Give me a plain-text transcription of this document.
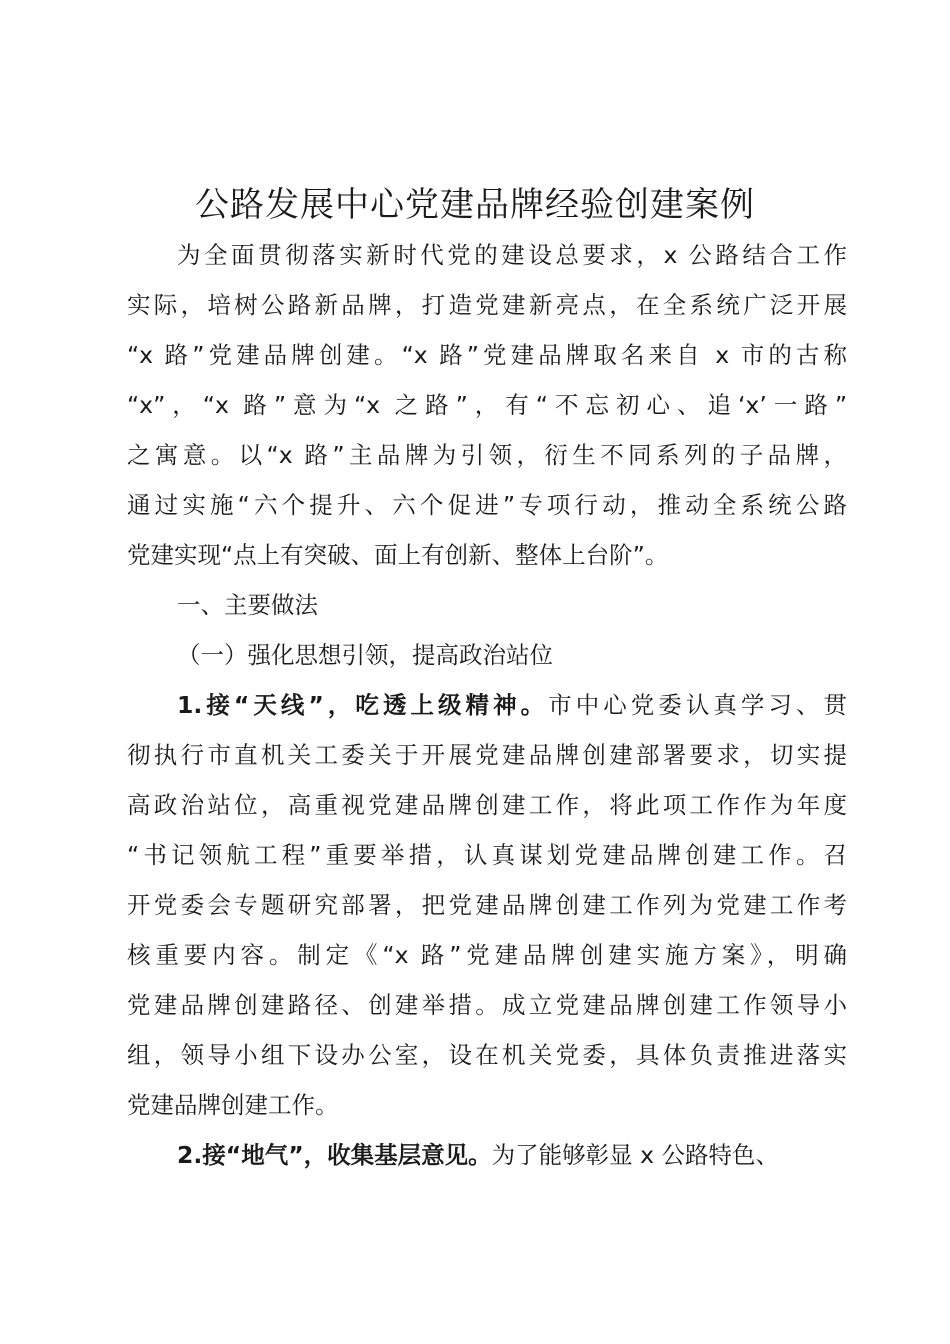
公路发展中心党建品牌经验创建案例
为全面贯彻落实新时代党的建设总要求，x 公路结合工作
实际，培树公路新品牌，打造党建新亮点，在全系统广泛开展
“x 路”党建品牌创建。“x 路”党建品牌取名来自 x 市的古称
“x”，“x 路”意为“x 之路”，有“不忘初心、追‘x’一路”
之寓意。以“x 路”主品牌为引领，衍生不同系列的子品牌，
通过实施“六个提升、六个促进”专项行动，推动全系统公路
党建实现“点上有突破、面上有创新、整体上台阶”。
一、主要做法
（一）强化思想引领，提高政治站位
1.接“天线”，吃透上级精神。市中心党委认真学习、贯
彻执行市直机关工委关于开展党建品牌创建部署要求，切实提
高政治站位，高重视党建品牌创建工作，将此项工作作为年度
“书记领航工程”重要举措，认真谋划党建品牌创建工作。召
开党委会专题研究部署，把党建品牌创建工作列为党建工作考
核重要内容。制定《“x 路”党建品牌创建实施方案》，明确
党建品牌创建路径、创建举措。成立党建品牌创建工作领导小
组，领导小组下设办公室，设在机关党委，具体负责推进落实
党建品牌创建工作。
2.接“地气”，收集基层意见。为了能够彰显 x 公路特色、
